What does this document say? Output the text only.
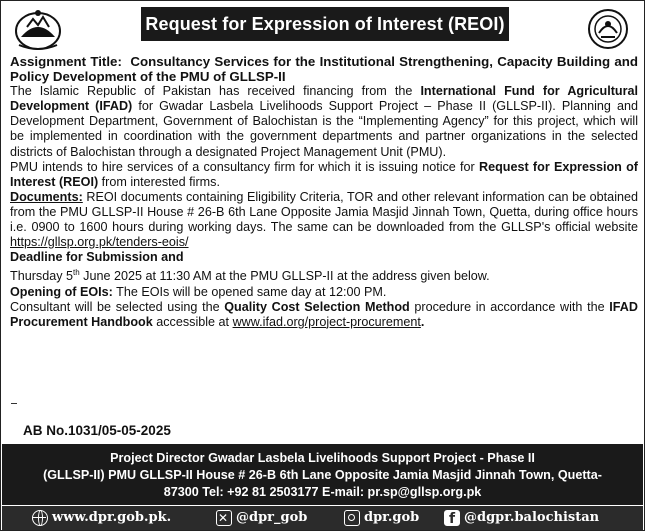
Request for Expression of Interest (REOI)

Assignment Title: Consultancy Services for the Institutional Strengthening, Capacity Building and Policy Development of the PMU of GLLSP-II

The Islamic Republic of Pakistan has received financing from the International Fund for Agricultural Development (IFAD) for Gwadar Lasbela Livelihoods Support Project – Phase II (GLLSP-II). Planning and Development Department, Government of Balochistan is the “Implementing Agency” for this project, which will be implemented in coordination with the government departments and partner organizations in the selected districts of Balochistan through a designated Project Management Unit (PMU).

PMU intends to hire services of a consultancy firm for which it is issuing notice for Request for Expression of Interest (REOI) from interested firms.

Documents: REOI documents containing Eligibility Criteria, TOR and other relevant information can be obtained from the PMU GLLSP-II House # 26-B 6th Lane Opposite Jamia Masjid Jinnah Town, Quetta, during office hours i.e. 0900 to 1600 hours during working days. The same can be downloaded from the GLLSP's official website https://gllsp.org.pk/tenders-eois/

Deadline for Submission and

Thursday 5th June 2025 at 11:30 AM at the PMU GLLSP-II at the address given below.

Opening of EOIs: The EOIs will be opened same day at 12:00 PM.

Consultant will be selected using the Quality Cost Selection Method procedure in accordance with the IFAD Procurement Handbook accessible at www.ifad.org/project-procurement.

AB No.1031/05-05-2025
Project Director Gwadar Lasbela Livelihoods Support Project - Phase II
(GLLSP-II) PMU GLLSP-II House # 26-B 6th Lane Opposite Jamia Masjid Jinnah Town, Quetta-
87300 Tel: +92 81 2503177 E-mail: pr.sp@gllsp.org.pk
www.dpr.gob.pk. ✕	@dpr_gob	dpr.gob f	@dgpr.balochistan
